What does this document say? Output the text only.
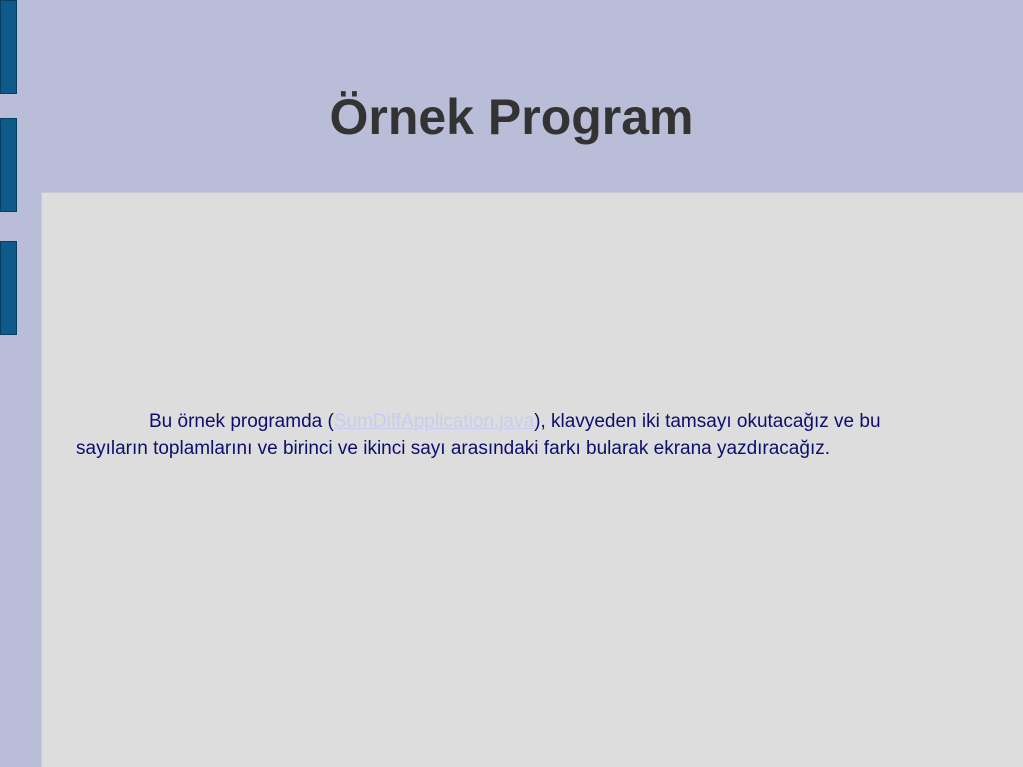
Örnek Program

Bu örnek programda (SumDiffApplication.java), klavyeden iki tamsayı okutacağız ve bu sayıların toplamlarını ve birinci ve ikinci sayı arasındaki farkı bularak ekrana yazdıracağız.
